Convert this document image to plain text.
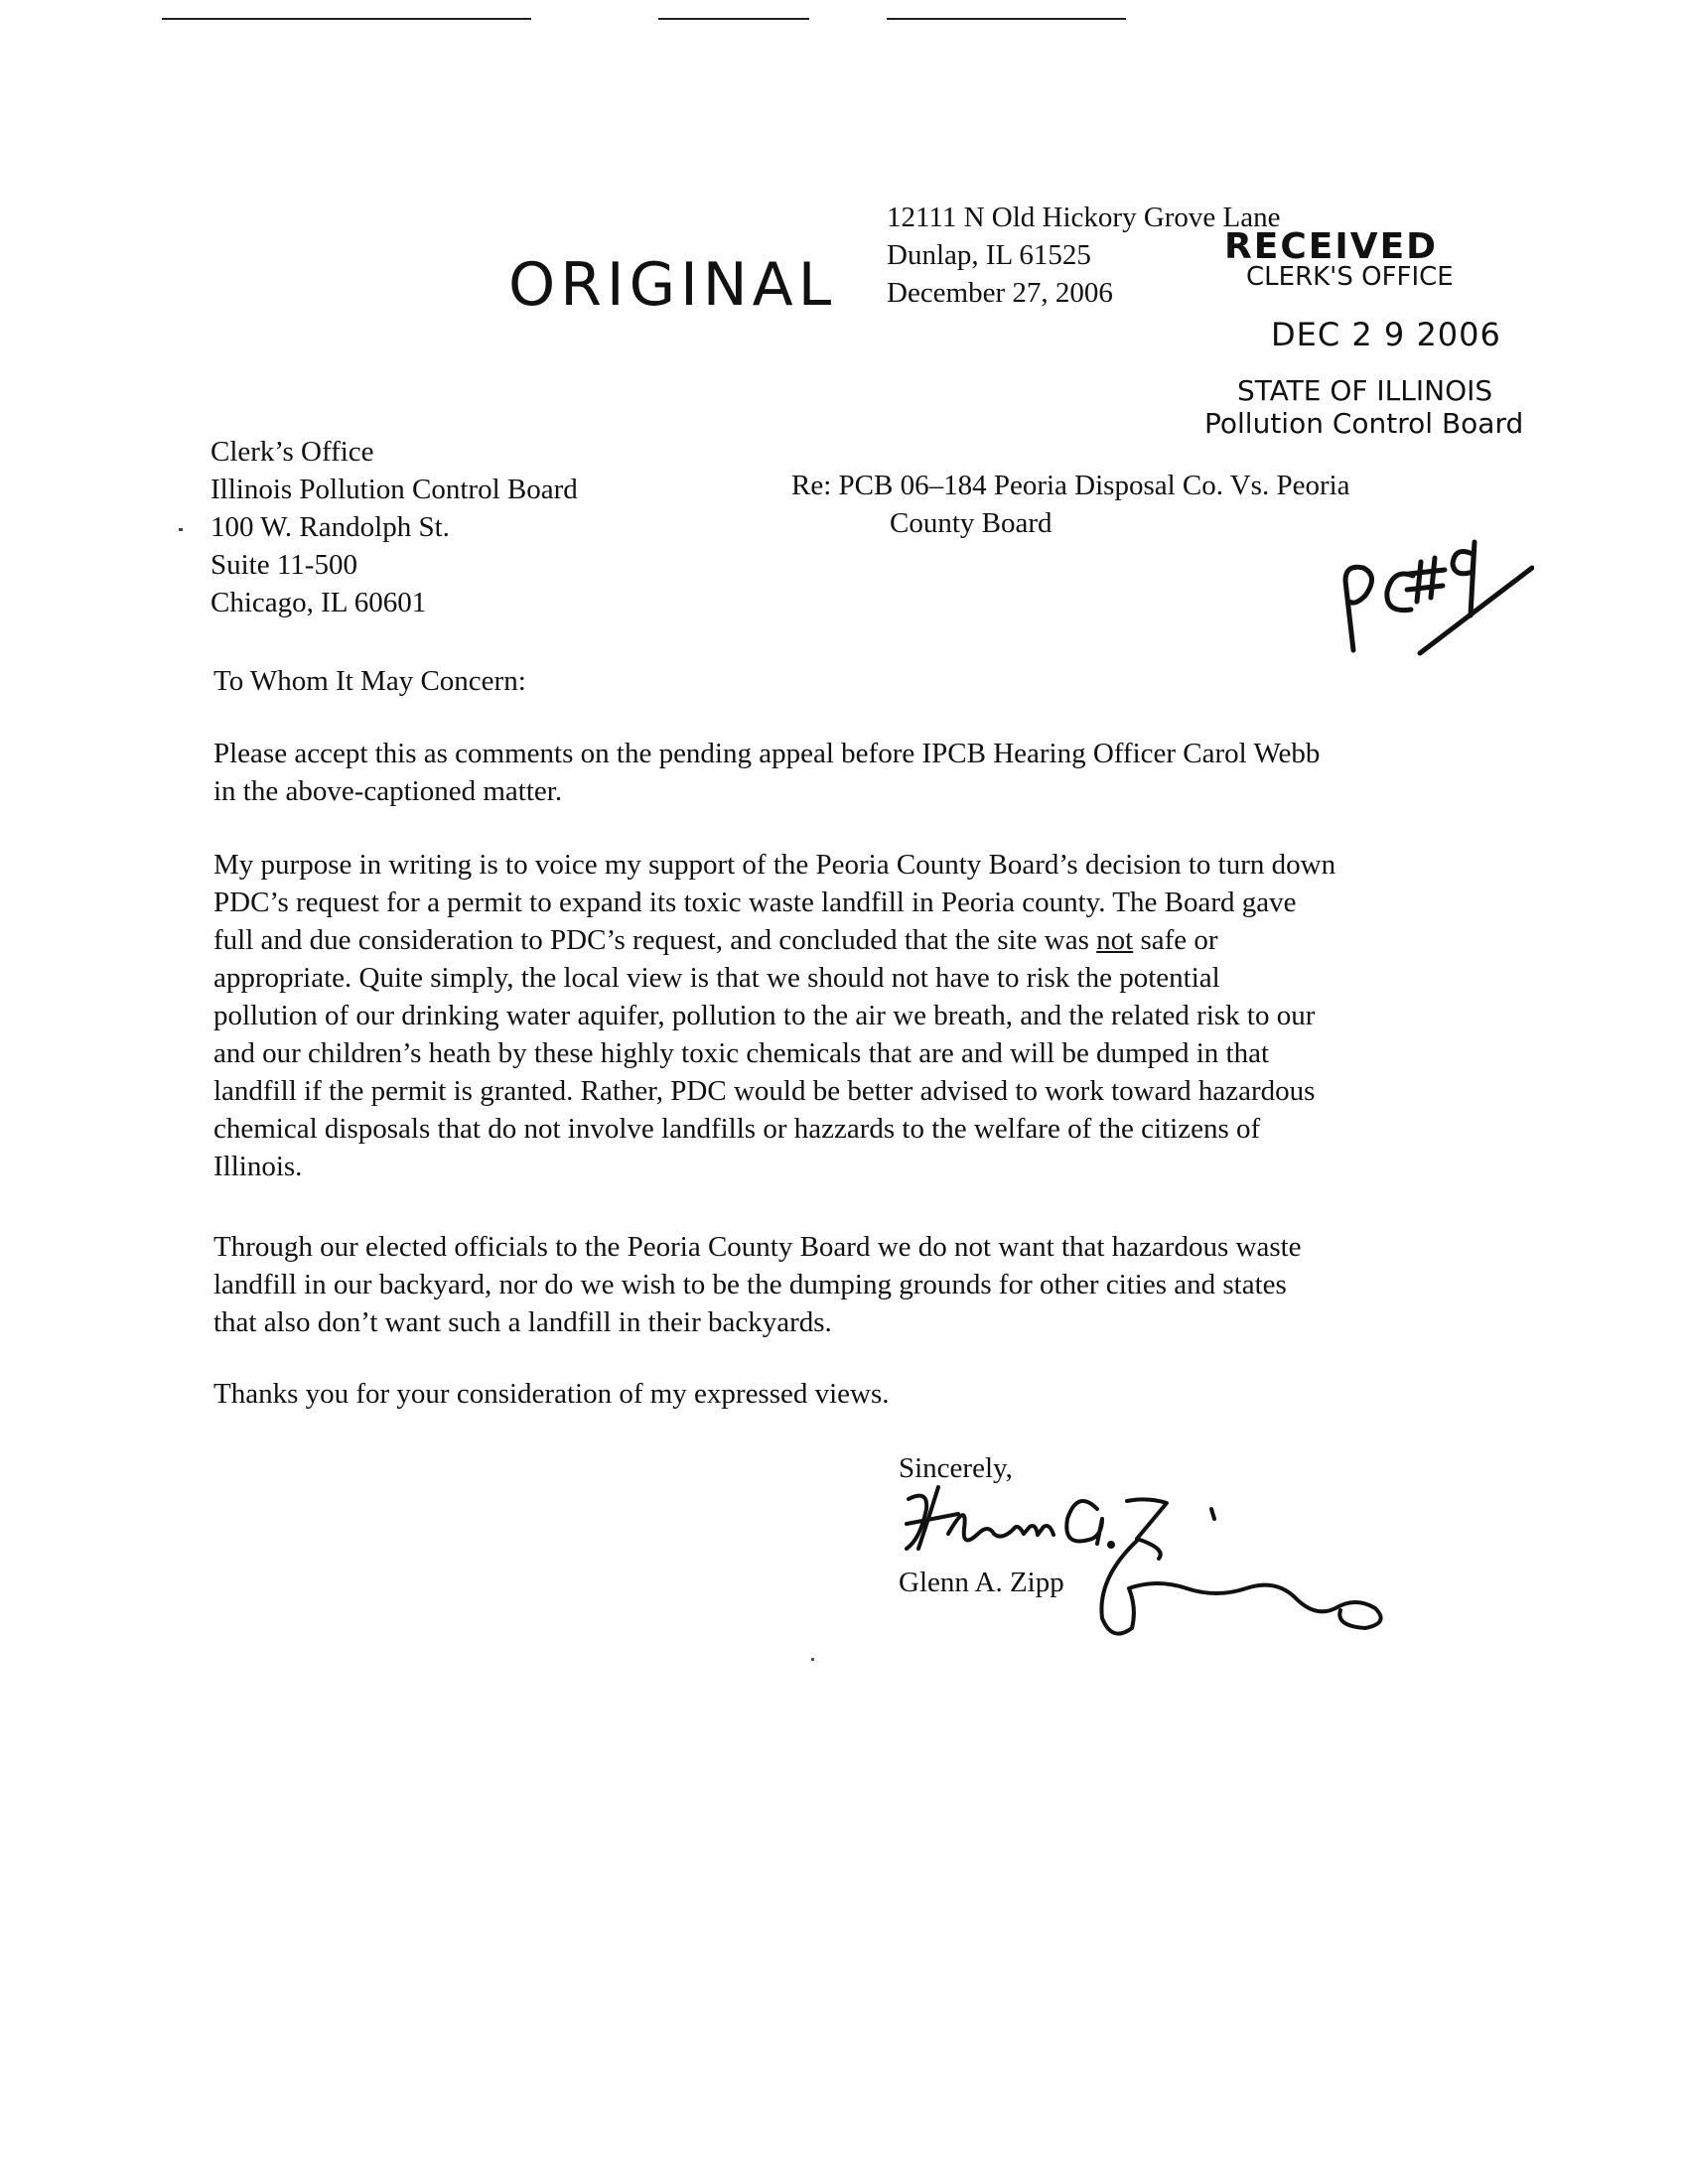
ORIGINAL
12111 N Old Hickory Grove Lane
Dunlap, IL 61525
December 27, 2006
RECEIVED
CLERK'S OFFICE
DEC 2 9 2006
STATE OF ILLINOIS
Pollution Control Board
Clerk’s Office
Illinois Pollution Control Board
100 W. Randolph St.
Suite 11-500
Chicago, IL 60601
Re: PCB 06–184 Peoria Disposal Co. Vs. Peoria
County Board
To Whom It May Concern:
Please accept this as comments on the pending appeal before IPCB Hearing Officer Carol Webb
in the above-captioned matter.
My purpose in writing is to voice my support of the Peoria County Board’s decision to turn down
PDC’s request for a permit to expand its toxic waste landfill in Peoria county. The Board gave
full and due consideration to PDC’s request, and concluded that the site was not safe or
appropriate. Quite simply, the local view is that we should not have to risk the potential
pollution of our drinking water aquifer, pollution to the air we breath, and the related risk to our
and our children’s heath by these highly toxic chemicals that are and will be dumped in that
landfill if the permit is granted. Rather, PDC would be better advised to work toward hazardous
chemical disposals that do not involve landfills or hazzards to the welfare of the citizens of
Illinois.
Through our elected officials to the Peoria County Board we do not want that hazardous waste
landfill in our backyard, nor do we wish to be the dumping grounds for other cities and states
that also don’t want such a landfill in their backyards.
Thanks you for your consideration of my expressed views.
Sincerely,
Glenn A. Zipp
